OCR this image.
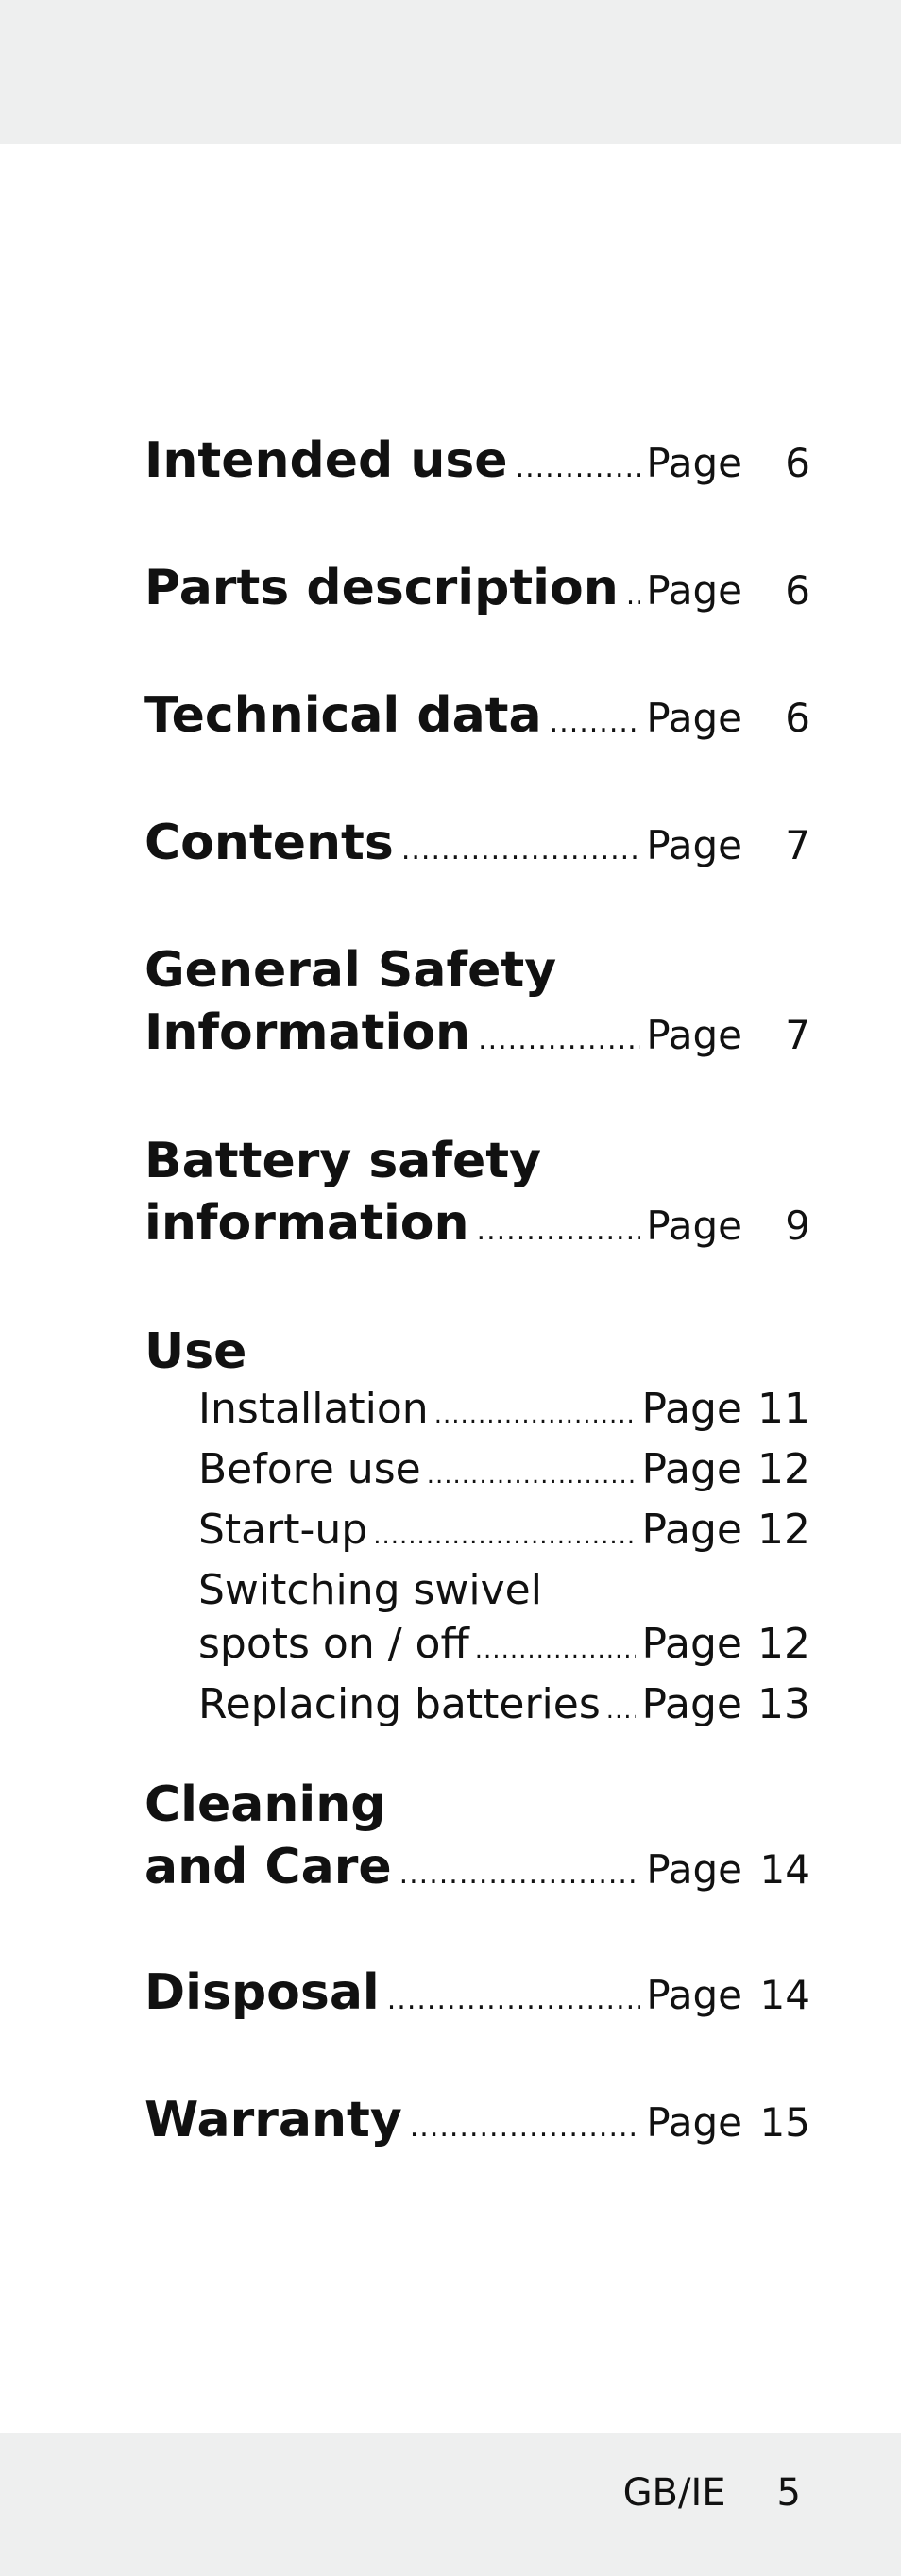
Intended use .....	Page	6
Parts description ..... Page	6
Technical data .....	Page	6
Contents .....	Page	7
General Safety
Information .....	Page	7
Battery safety
information .....	Page	9
Use
Installation .....	Page 11
Before use .....	Page 12
Start-up .....	Page 12
Switching swivel
spots on / off .....	Page 12
Replacing batteries ..... Page 13
Cleaning
and Care .....	Page 14
Disposal .....	Page 14
Warranty .....	Page 15
GB/IE 5
